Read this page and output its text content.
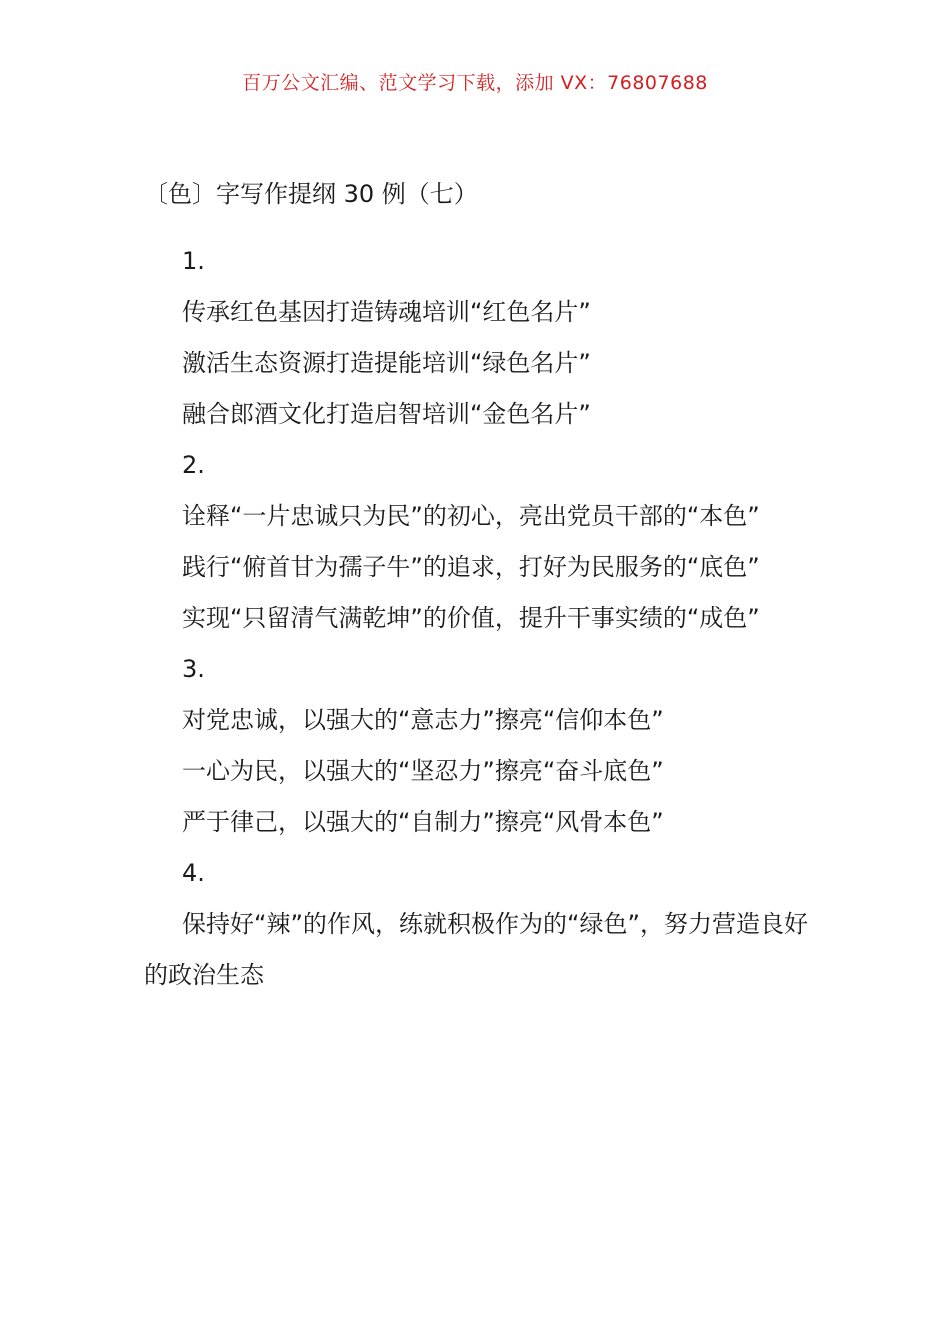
百万公文汇编、范文学习下载，添加 VX：76807688
〔色〕字写作提纲 30 例（七）
1.
传承红色基因打造铸魂培训“红色名片”
激活生态资源打造提能培训“绿色名片”
融合郎酒文化打造启智培训“金色名片”
2.
诠释“一片忠诚只为民”的初心，亮出党员干部的“本色”
践行“俯首甘为孺子牛”的追求，打好为民服务的“底色”
实现“只留清气满乾坤”的价值，提升干事实绩的“成色”
3.
对党忠诚，以强大的“意志力”擦亮“信仰本色”
一心为民，以强大的“坚忍力”擦亮“奋斗底色”
严于律己，以强大的“自制力”擦亮“风骨本色”
4.
保持好“辣”的作风，练就积极作为的“绿色”，努力营造良好的政治生态
